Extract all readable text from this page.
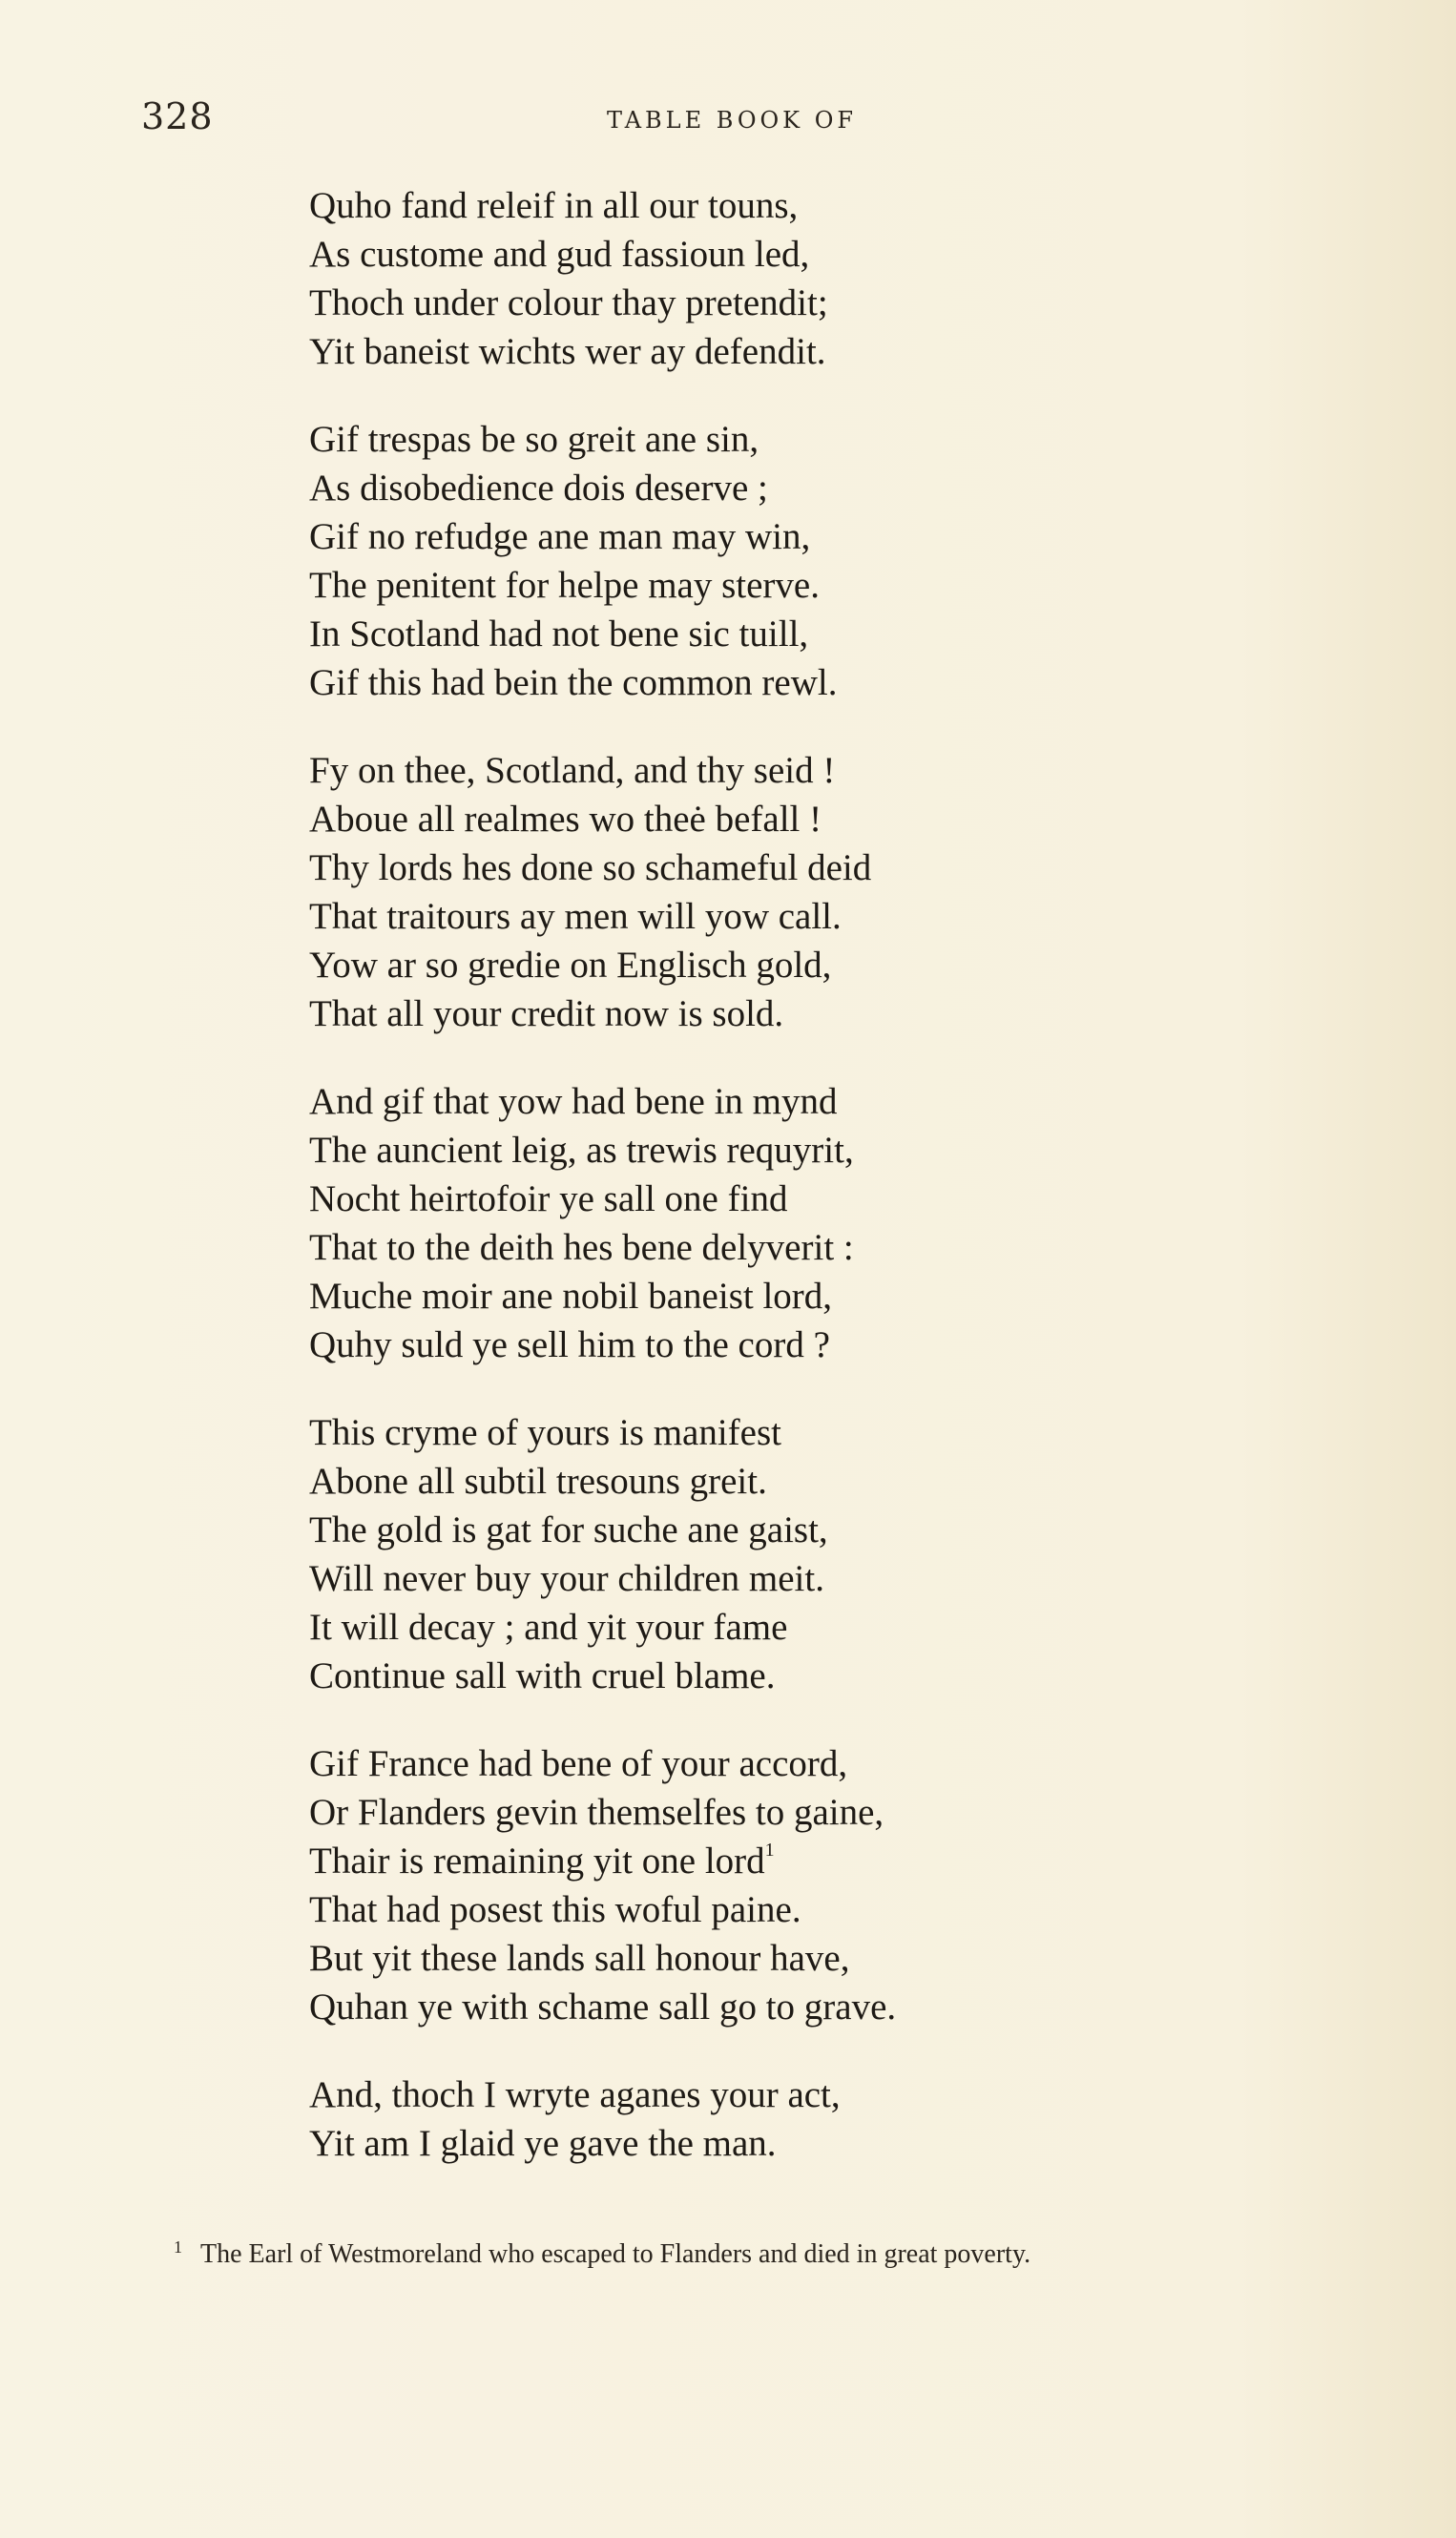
328	TABLE BOOK OF
Quho fand releif in all our touns,
As custome and gud fassioun led,
Thoch under colour thay pretendit;
Yit baneist wichts wer ay defendit.
Gif trespas be so greit ane sin,
As disobedience dois deserve ;
Gif no refudge ane man may win,
The penitent for helpe may sterve.
In Scotland had not bene sic tuill,
Gif this had bein the common rewl.
Fy on thee, Scotland, and thy seid !
Aboue all realmes wo theė befall !
Thy lords hes done so schameful deid
That traitours ay men will yow call.
Yow ar so gredie on Englisch gold,
That all your credit now is sold.
And gif that yow had bene in mynd
The auncient leig, as trewis requyrit,
Nocht heirtofoir ye sall one find
That to the deith hes bene delyverit :
Muche moir ane nobil baneist lord,
Quhy suld ye sell him to the cord ?
This cryme of yours is manifest
Abone all subtil tresouns greit.
The gold is gat for suche ane gaist,
Will never buy your children meit.
It will decay ; and yit your fame
Continue sall with cruel blame.
Gif France had bene of your accord,
Or Flanders gevin themselfes to gaine,
Thair is remaining yit one lord$^1$
That had posest this woful paine.
But yit these lands sall honour have,
Quhan ye with schame sall go to grave.
And, thoch I wryte aganes your act,
Yit am I glaid ye gave the man.
1 The Earl of Westmoreland who escaped to Flanders and died in great poverty.
